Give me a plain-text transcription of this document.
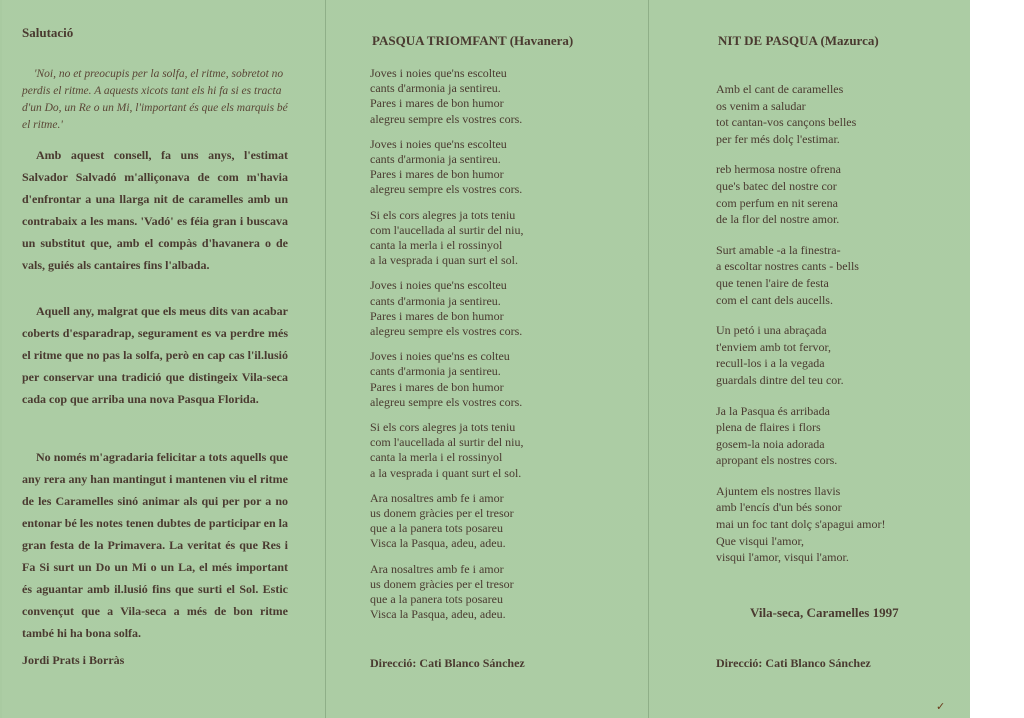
Salutació

'Noi, no et preocupis per la solfa, el ritme, sobretot no perdis el ritme. A aquests xicots tant els hi fa si es tracta d'un Do, un Re o un Mi, l'important és que els marquis bé el ritme.'

Amb aquest consell, fa uns anys, l'estimat Salvador Salvadó m'alliçonava de com m'havia d'enfrontar a una llarga nit de caramelles amb un contrabaix a les mans. 'Vadó' es féia gran i buscava un substitut que, amb el compàs d'havanera o de vals, guiés als cantaires fins l'albada.

Aquell any, malgrat que els meus dits van acabar coberts d'esparadrap, segurament es va perdre més el ritme que no pas la solfa, però en cap cas l'il.lusió per conservar una tradició que distingeix Vila-seca cada cop que arriba una nova Pasqua Florida.

No només m'agradaria felicitar a tots aquells que any rera any han mantingut i mantenen viu el ritme de les Caramelles sinó animar als qui per por a no entonar bé les notes tenen dubtes de participar en la gran festa de la Primavera. La veritat és que Res i Fa Si surt un Do un Mi o un La, el més important és aguantar amb il.lusió fins que surti el Sol. Estic convençut que a Vila-seca a més de bon ritme també hi ha bona solfa.

Jordi Prats i Borràs
PASQUA TRIOMFANT (Havanera)
Joves i noies que'ns escolteu
cants d'armonia ja sentireu.
Pares i mares de bon humor
alegreu sempre els vostres cors.
Joves i noies que'ns escolteu
cants d'armonia ja sentireu.
Pares i mares de bon humor
alegreu sempre els vostres cors.
Si els cors alegres ja tots teniu
com l'aucellada al surtir del niu,
canta la merla i el rossinyol
a la vesprada i quan surt el sol.
Joves i noies que'ns escolteu
cants d'armonia ja sentireu.
Pares i mares de bon humor
alegreu sempre els vostres cors.
Joves i noies que'ns es colteu
cants d'armonia ja sentireu.
Pares i mares de bon humor
alegreu sempre els vostres cors.
Si els cors alegres ja tots teniu
com l'aucellada al surtir del niu,
canta la merla i el rossinyol
a la vesprada i quant surt el sol.
Ara nosaltres amb fe i amor
us donem gràcies per el tresor
que a la panera tots posareu
Visca la Pasqua, adeu, adeu.
Ara nosaltres amb fe i amor
us donem gràcies per el tresor
que a la panera tots posareu
Visca la Pasqua, adeu, adeu.
Direcció: Cati Blanco Sánchez
NIT DE PASQUA (Mazurca)
Amb el cant de caramelles
os venim a saludar
tot cantan-vos cançons belles
per fer més dolç l'estimar.
reb hermosa nostre ofrena
que's batec del nostre cor
com perfum en nit serena
de la flor del nostre amor.
Surt amable -a la finestra-
a escoltar nostres cants - bells
que tenen l'aire de festa
com el cant dels aucells.
Un petó i una abraçada
t'enviem amb tot fervor,
recull-los i a la vegada
guardals dintre del teu cor.
Ja la Pasqua és arribada
plena de flaires i flors
gosem-la noia adorada
apropant els nostres cors.
Ajuntem els nostres llavis
amb l'encís d'un bés sonor
mai un foc tant dolç s'apagui amor!
Que visqui l'amor,
visqui l'amor, visqui l'amor.
Vila-seca, Caramelles 1997
Direcció: Cati Blanco Sánchez
✓
